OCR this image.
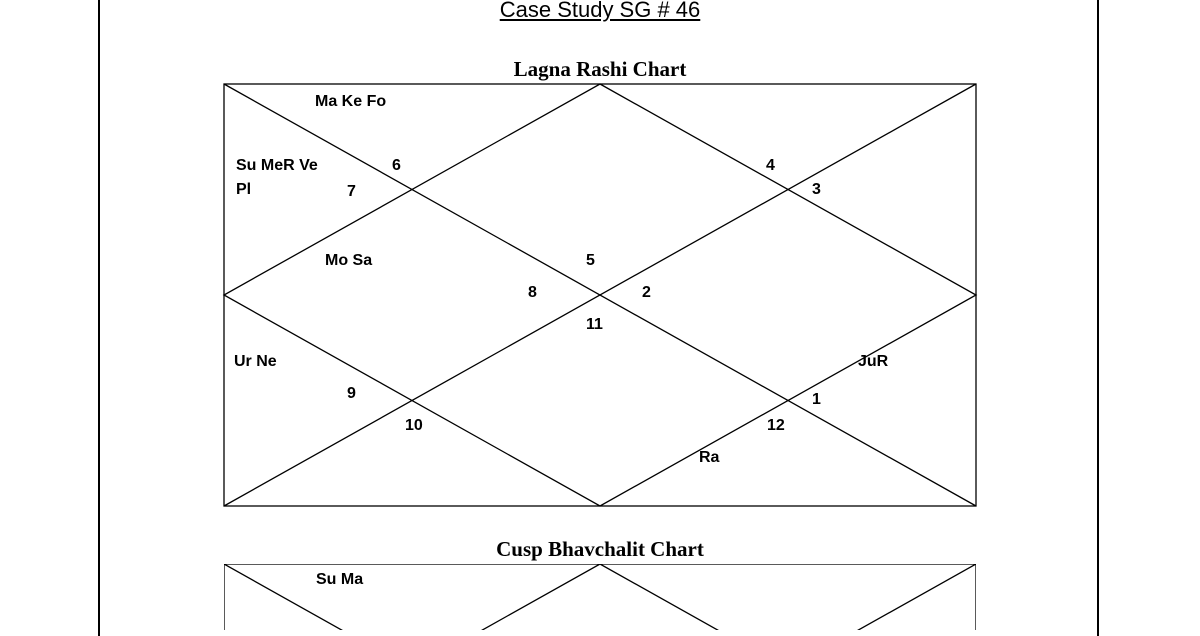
Case Study SG # 46
Lagna Rashi Chart
Ma Ke Fo
Su MeR Ve
Pl
Mo Sa
Ur Ne	JuR
Ra
6	4
7	3
5
8	2
11
9	1
10	12
Cusp Bhavchalit Chart
Su Ma
